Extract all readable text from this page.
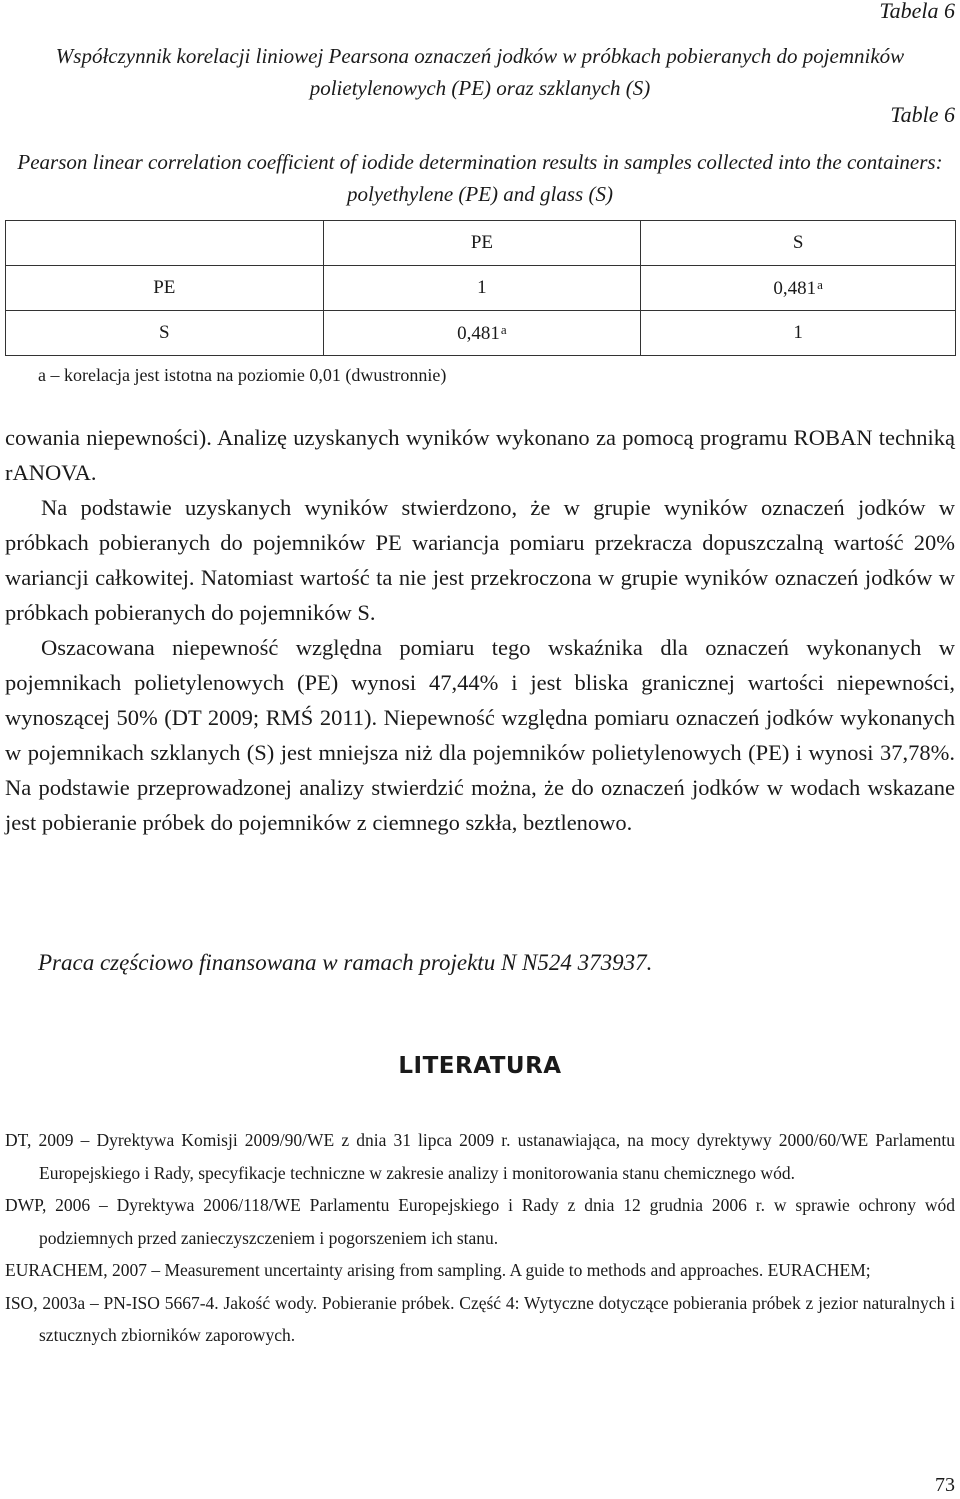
Tabela 6
Współczynnik korelacji liniowej Pearsona oznaczeń jodków w próbkach pobieranych do pojemników polietylenowych (PE) oraz szklanych (S)
Table 6
Pearson linear correlation coefficient of iodide determination results in samples collected into the containers: polyethylene (PE) and glass (S)
	PE	S
PE	1	0,481$^a$
S	0,481$^a$	1
a – korelacja jest istotna na poziomie 0,01 (dwustronnie)

cowania niepewności). Analizę uzyskanych wyników wykonano za pomocą programu ROBAN techniką rANOVA.

Na podstawie uzyskanych wyników stwierdzono, że w grupie wyników oznaczeń jodków w próbkach pobieranych do pojemników PE wariancja pomiaru przekracza dopuszczalną wartość 20% wariancji całkowitej. Natomiast wartość ta nie jest przekroczona w grupie wyników oznaczeń jodków w próbkach pobieranych do pojemników S.

Oszacowana niepewność względna pomiaru tego wskaźnika dla oznaczeń wykonanych w pojemnikach polietylenowych (PE) wynosi 47,44% i jest bliska granicznej wartości niepewności, wynoszącej 50% (DT 2009; RMŚ 2011). Niepewność względna pomiaru oznaczeń jodków wykonanych w pojemnikach szklanych (S) jest mniejsza niż dla pojemników polietylenowych (PE) i wynosi 37,78%. Na podstawie przeprowadzonej analizy stwierdzić można, że do oznaczeń jodków w wodach wskazane jest pobieranie próbek do pojemników z ciemnego szkła, beztlenowo.

Praca częściowo finansowana w ramach projektu N N524 373937.
LITERATURA
DT, 2009 – Dyrektywa Komisji 2009/90/WE z dnia 31 lipca 2009 r. ustanawiająca, na mocy dyrektywy 2000/60/WE Parlamentu Europejskiego i Rady, specyfikacje techniczne w zakresie analizy i monitorowania stanu chemicznego wód.
DWP, 2006 – Dyrektywa 2006/118/WE Parlamentu Europejskiego i Rady z dnia 12 grudnia 2006 r. w sprawie ochrony wód podziemnych przed zanieczyszczeniem i pogorszeniem ich stanu.
EURACHEM, 2007 – Measurement uncertainty arising from sampling. A guide to methods and approaches. EURACHEM;
ISO, 2003a – PN-ISO 5667-4. Jakość wody. Pobieranie próbek. Część 4: Wytyczne dotyczące pobierania próbek z jezior naturalnych i sztucznych zbiorników zaporowych.
73
